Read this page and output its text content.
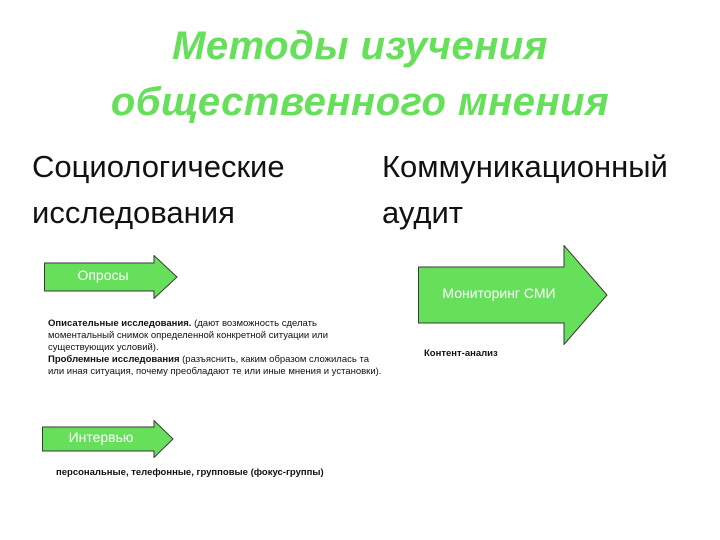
Методы изучения
общественного мнения
Социологические
исследования
Коммуникационный
аудит
Опросы
Мониторинг СМИ
Контент-анализ
Описательные исследования. (дают возможность сделать моментальный снимок определенной конкретной ситуации или существующих условий).
Проблемные исследования (разъяснить, каким образом сложилась та или иная ситуация, почему преобладают те или иные мнения и установки).
Интервью
персональные, телефонные, групповые (фокус-группы)
